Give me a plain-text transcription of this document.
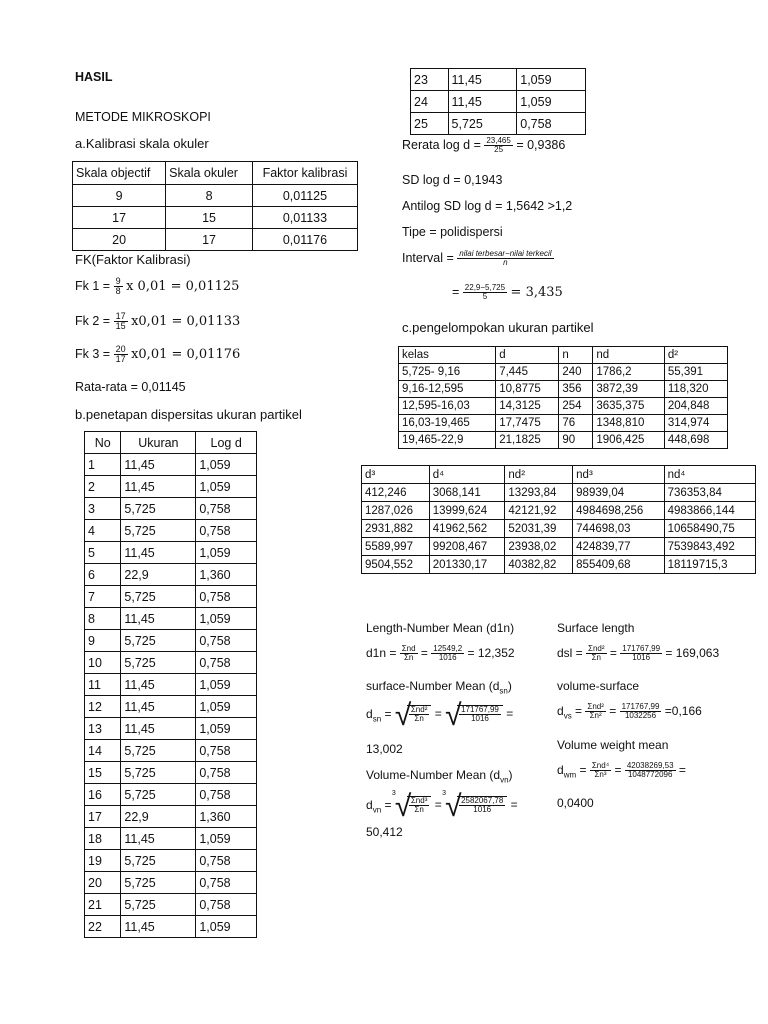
HASIL
METODE MIKROSKOPI
a.Kalibrasi skala okuler
Skala objectif	Skala okuler	Faktor kalibrasi
9	8	0,01125
17	15	0,01133
20	17	0,01176
FK(Faktor Kalibrasi)
Fk $1 = \frac{9}{8}$ x 0,01 = 0,01125
Fk $2 = \frac{17}{15} x0,01 = 0,01133$
Fk $3 = \frac{20}{17} x0,01 = 0,01176$
Rata-rata = 0,01145
b.penetapan dispersitas ukuran partikel
No	Ukuran	Log d
1	11,45	1,059
2	11,45	1,059
3	5,725	0,758
4	5,725	0,758
5	11,45	1,059
6	22,9	1,360
7	5,725	0,758
8	11,45	1,059
9	5,725	0,758
10	5,725	0,758
11	11,45	1,059
12	11,45	1,059
13	11,45	1,059
14	5,725	0,758
15	5,725	0,758
16	5,725	0,758
17	22,9	1,360
18	11,45	1,059
19	5,725	0,758
20	5,725	0,758
21	5,725	0,758
22	11,45	1,059
23	11,45	1,059
24	11,45	1,059
25	5,725	0,758
Rerata $\log d = \frac{23,465}{25} = 0,9386$
SD log d = 0,1943
Antilog SD log d = 1,5642 >1,2
Tipe = polidispersi
Interval = $\frac{\text{nilai terbesar−nilai terkecil}}{n}$
= $\frac{22,9-5,725}{5} = 3,435$
c.pengelompokan ukuran partikel
kelas	d	n	nd	d²
5,725- 9,16	7,445	240	1786,2	55,391
9,16-12,595	10,8775	356	3872,39	118,320
12,595-16,03	14,3125	254	3635,375	204,848
16,03-19,465	17,7475	76	1348,810	314,974
19,465-22,9	21,1825	90	1906,425	448,698
d³	d⁴	nd²	nd³	nd⁴
412,246	3068,141	13293,84	98939,04	736353,84
1287,026	13999,624	42121,92	4984698,256	4983866,144
2931,882	41962,562	52031,39	744698,03	10658490,75
5589,997	99208,467	23938,02	424839,77	7539843,492
9504,552	201330,17	40382,82	855409,68	18119715,3
Length-Number Mean (d1n)
$d1n = \frac{\text{Σnd}}{\Sigma n} = \frac{12549,2}{1016} = 12,352$
surface-Number Mean $(d_{sn})$
$d_{sn}$ = √
$\frac{\text{Σnd²}}{\Sigma n}$ = √
$\frac{171767,99}{1016}$ =
13,002
Volume-Number Mean $(d_{vn})$
$d_{vn}$ =
3 √
$\frac{\text{Σnd³}}{\Sigma n}$ =
3 √
$\frac{2582067,78}{1016}$ =
50,412
Surface length
dsl = $\frac{\text{Σnd²}}{\Sigma n} = \frac{171767,99}{1016} = 169,063$
volume-surface
$d_{vs} = \frac{\text{Σnd²}}{\text{Σn²}} = \frac{171767,99}{1032256} =0,166$
Volume weight mean
$d_{wm} = \frac{\text{Σnd⁴}}{\text{Σn³}} = \frac{42038269,53}{1048772096}$ =
0,0400
